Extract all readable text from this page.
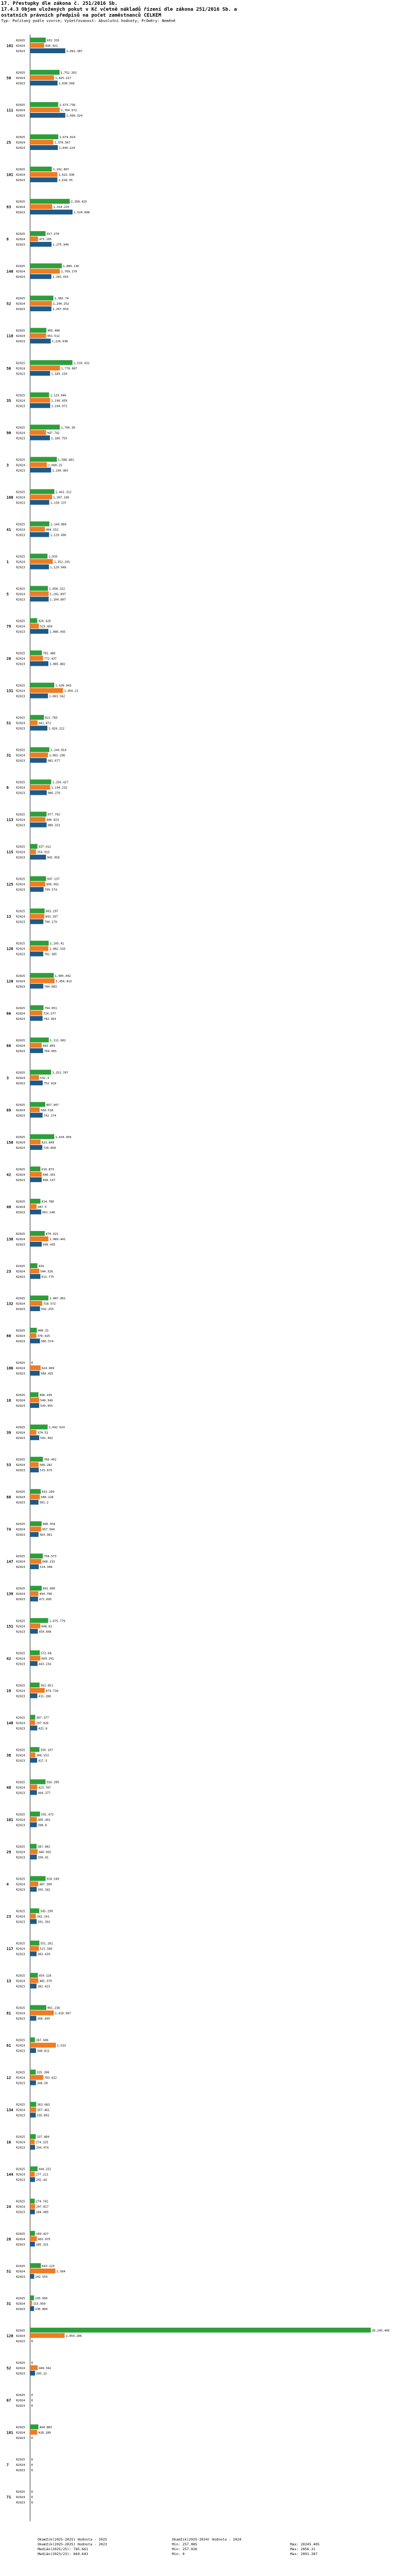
17. Přestupky dle zákona č. 251/2016 Sb.
17.4.3 Objem uložených pokut v Kč včetně nákladů řízení dle zákona 251/2016 Sb. a
ostatních právních předpisů na počet zaměstnanců CELKEM
Typ: Počítaný podle vzorce; Vyšetřovanost: Absolutní hodnoty; Průměry: Neměně
101
R2025	931.333
R2024	836.922
R2023	2,091.387
50
R2025	1,752.262
R2024	1,425.217
R2023	1,630.566
111
R2025	1,673.736
R2024	1,764.572
R2023	2,090.324
25
R2025	1,674.814
R2024	1,376.567
R2023	1,649.224
101
R2025	1,292.897
R2024	1,622.936
R2023	1,618.35
83
R2025	2,358.425
R2024	1,314.225
R2023	2,524.098
8
R2025	917.278
R2024	473.105
R2023	1,275.949
140
R2025	1,889.136
R2024	1,769.179
R2023	1,265.015
52
R2025	1,382.74
R2024	1,294.252
R2023	1,267.654
118
R2025	965.486
R2024	951.512
R2023	1,226.638
56
R2025	2,516.431
R2024	1,778.087
R2023	1,189.239
35
R2025	1,129.046
R2024	1,190.459
R2023	1,194.971
90
R2025	1,766.36
R2024	947.742
R2023	1,180.759
3
R2025	1,588.481
R2024	1,000.25
R2023	1,249.405
160
R2025	1,441.312
R2024	1,307.106
R2023	1,139.137
41
R2025	1,144.884
R2024	884.552
R2023	1,129.496
1
R2025	1,035
R2024	1,352.291
R2023	1,120.948
5
R2025	1,058.322
R2024	1,102.897
R2023	1,104.807
79
R2025	426.426
R2024	525.856
R2023	1,086.945
26
R2025	701.486
R2024	772.437
R2023	1,085.882
131
R2025	1,436.043
R2024	1,956.21
R2023	1,063.562
51
R2025	822.785
R2024	441.872
R2023	1,026.222
31
R2025	1,144.814
R2024	1,065.296
R2023	982.677
6
R2025	1,256.427
R2024	1,194.232
R2023	986.276
113
R2025	977.792
R2024	906.823
R2023	980.331
115
R2025	437.412
R2024	354.915
R2023	945.958
125
R2025	947.137
R2024	896.992
R2023	799.574
13
R2025	863.297
R2024	843.297
R2023	790.179
126
R2025	1,105.41
R2024	1,082.543
R2023	781.385
120
R2025	1,405.442
R2024	1,456.413
R2023	784.003
66
R2025	794.051
R2024	724.277
R2023	742.363
68
R2025	1,111.602
R2024	692.865
R2023	769.055
3
R2025	1,251.767
R2024	532.3
R2023	752.429
69
R2025	897.947
R2024	568.518
R2023	742.174
150
R2025	1,434.959
R2024	621.849
R2023	726.858
42
R2025	610.873
R2024	696.301
R2023	690.137
40
R2025	614.786
R2024	387.5
R2023	661.148
138
R2025	870.921
R2024	1,089.441
R2023	696.435
23
R2025	434
R2024	544.328
R2023	611.775
132
R2025	1,087.962
R2024	718.572
R2023	592.253
88
R2025	400.31
R2024	376.925
R2023	585.574
186
R2025 0
R2024	624.969
R2023	568.425
18
R2025	496.109
R2024	540.349
R2023	539.455
39
R2025	1,042.624
R2024	374.51
R2023	541.492
53
R2025	760.452
R2024	506.282
R2023	515.675
88
R2025	631.269
R2024	580.228
R2023	501.2
74
R2025	686.558
R2024	657.504
R2023	503.361
147
R2025	758.573
R2024	668.233
R2023	514.348
139
R2025	691.895
R2024	494.798
R2023	471.695
151
R2025	1,075.779
R2024	608.62
R2023	459.606
42
R2025	572.68
R2024	609.291
R2023	443.234
19
R2025	562.851
R2024	874.734
R2023	431.288
148
R2025	307.377
R2024	297.026
R2023	425.8
38
R2025	556.167
R2024	308.553
R2023	417.3
48
R2025	916.399
R2024	423.787
R2023	404.377
161
R2025	592.473
R2024	405.401
R2023	398.8
29
R2025	387.082
R2024	446.902
R2023	399.01
4
R2025	918.549
R2024	487.309
R2023	393.182
23
R2025	545.299
R2024	342.101
R2023	391.391
117
R2025	551.261
R2024	521.585
R2023	383.439
13
R2025	459.126
R2024	485.379
R2023	381.423
81
R2025	961.238
R2024	1,410.987
R2023	368.499
61
R2025	287.606
R2024	1,533
R2023	348.811
12
R2025	335.396
R2024	783.822
R2023	348.58
134
R2025	363.683
R2024	357.461
R2023	335.891
16
R2025	337.889
R2024	274.325
R2023	294.974
144
R2025	444.251
R2024	277.221
R2023	292.44
24
R2025	274.742
R2024	297.817
R2023	284.489
28
R2025	289.927
R2024	401.075
R2023	285.321
51
R2025	643.223
R2024	1,504
R2023	242.555
31
R2025	235.095
R2024	113.959
R2023	236.869
120
R2025	20,245.405
R2024	2,054.206
R2023 0
52
R2025 0
R2024	449.342
R2023	295.12
67
R2025 0
R2024 0
R2023 0
181
R2025	494.883
R2024	428.189
R2023 0
7
R2025 0
R2024 0
R2023 0
71
R2025 0
R2024 0
R2023 0
Okamžik(2025-2025) Hodnota - 2025
Okamžik(2025-2025) Hodnota - 2023
Medián(2025/25): 785.661
Medián(2023/23): 669.643
Okamžik(2025-2024) Hodnota - 2024
Min: 257.085
Min: 257.026
Min: 0
Max: 20245.405
Max: 2056.31
Max: 2091.387
